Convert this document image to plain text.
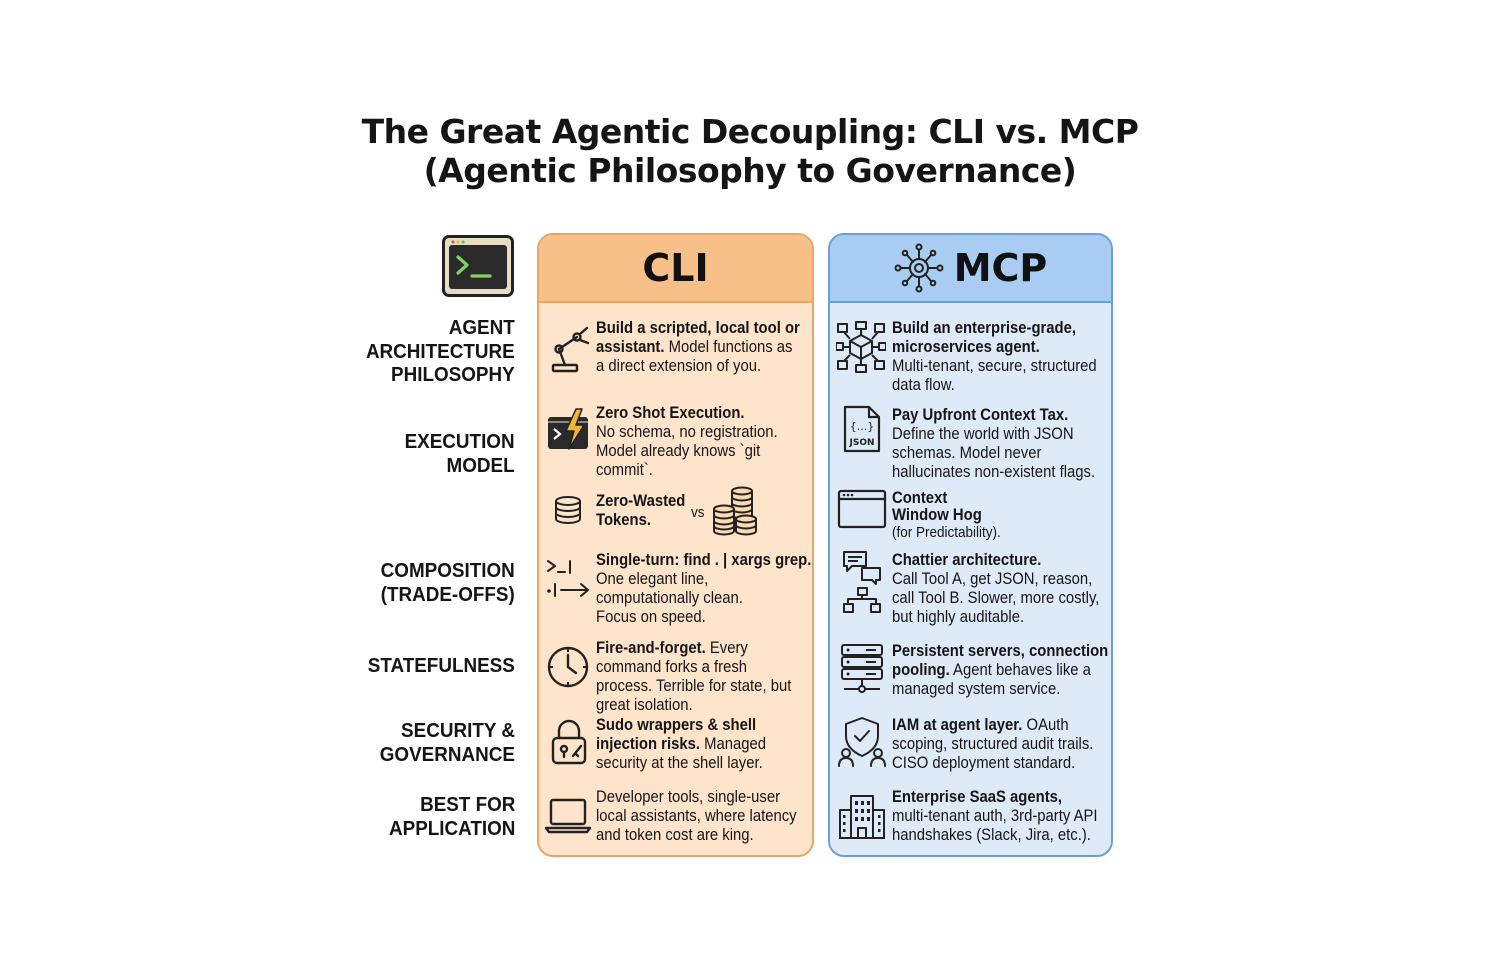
The Great Agentic Decoupling: CLI vs. MCP
(Agentic Philosophy to Governance)
AGENT
ARCHITECTURE
PHILOSOPHY
EXECUTION
MODEL
COMPOSITION
(TRADE-OFFS)
STATEFULNESS
SECURITY &
GOVERNANCE
BEST FOR
APPLICATION
CLI
Build a scripted, local tool or
assistant. Model functions as
a direct extension of you.
Zero Shot Execution.
No schema, no registration.
Model already knows `git
commit`.
Zero-Wasted
Tokens.	vs
Single-turn: find . | xargs grep.
One elegant line,
computationally clean.
Focus on speed.
Fire-and-forget. Every
command forks a fresh
process. Terrible for state, but
great isolation.
Sudo wrappers & shell
injection risks. Managed
security at the shell layer.
Developer tools, single-user
local assistants, where latency
and token cost are king.
MCP
Build an enterprise-grade,
microservices agent.
Multi-tenant, secure, structured
data flow.
{...}
JSON
Pay Upfront Context Tax.
Define the world with JSON
schemas. Model never
hallucinates non-existent flags.
Context
Window Hog
(for Predictability).
Chattier architecture.
Call Tool A, get JSON, reason,
call Tool B. Slower, more costly,
but highly auditable.
Persistent servers, connection
pooling. Agent behaves like a
managed system service.
IAM at agent layer. OAuth
scoping, structured audit trails.
CISO deployment standard.
Enterprise SaaS agents,
multi-tenant auth, 3rd-party API
handshakes (Slack, Jira, etc.).
